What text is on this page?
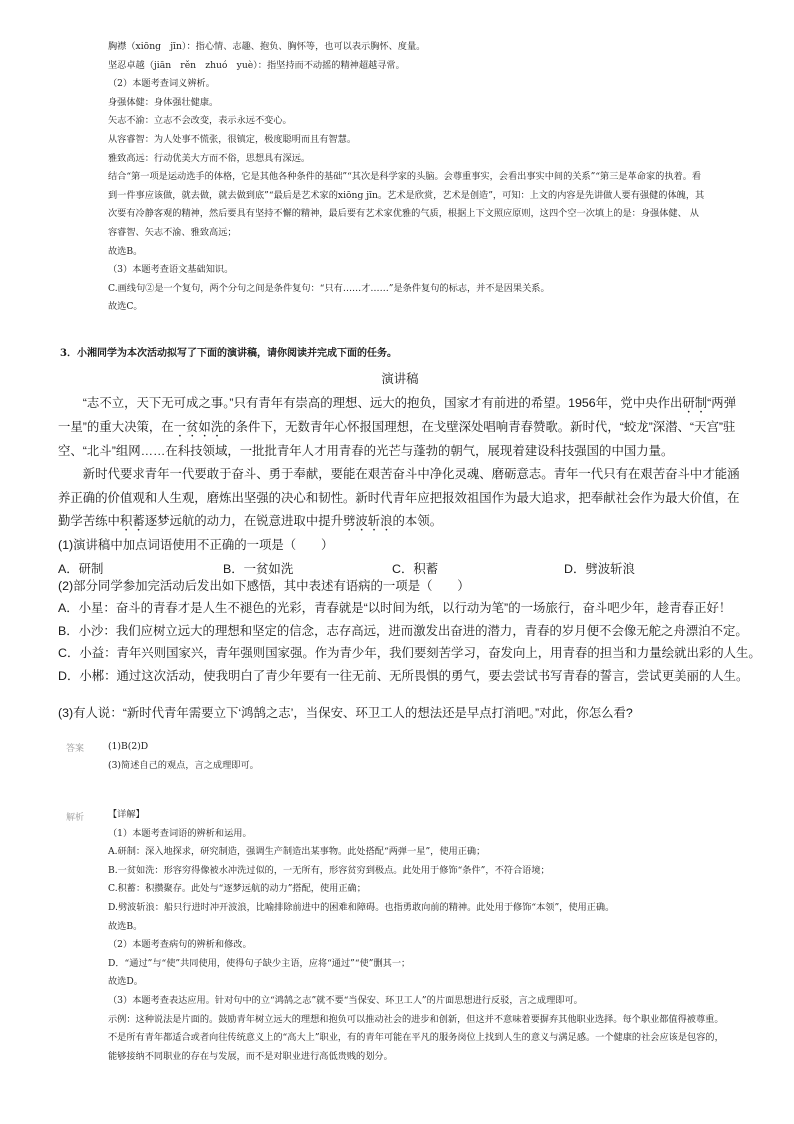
胸襟（xiōng　jīn）：指心情、志趣、抱负、胸怀等，也可以表示胸怀、度量。

坚忍卓越（jiān　rěn　zhuó　yuè）：指坚持而不动摇的精神超越寻常。

（2）本题考查词义辨析。

身强体健：身体强壮健康。

矢志不渝：立志不会改变，表示永远不变心。

从容睿智：为人处事不慌张，很镇定，极度聪明而且有智慧。

雅致高远：行动优美大方而不俗，思想具有深远。

结合“第一项是运动选手的体格，它是其他各种条件的基础”“其次是科学家的头脑。会尊重事实，会看出事实中间的关系”“第三是革命家的执着。看到一件事应该做，就去做，就去做到底”“最后是艺术家的xiōng jīn。艺术是欣赏，艺术是创造”，可知：上文的内容是先讲做人要有强健的体魄，其次要有冷静客观的精神，然后要具有坚持不懈的精神，最后要有艺术家优雅的气质，根据上下文照应原则，这四个空一次填上的是：身强体健、 从容睿智、矢志不渝、雅致高远；

故选B。

（3）本题考查语文基础知识。

C.画线句②是一个复句，两个分句之间是条件复句：“只有……才……”是条件复句的标志，并不是因果关系。

故选C。

3．小湘同学为本次活动拟写了下面的演讲稿，请你阅读并完成下面的任务。

演讲稿

“志不立，天下无可成之事。”只有青年有崇高的理想、远大的抱负，国家才有前进的希望。1956年，党中央作出研制“两弹一星”的重大决策，在一贫如洗的条件下，无数青年心怀报国理想，在戈壁深处唱响青春赞歌。新时代，“蛟龙”深潜、“天宫”驻空、“北斗”组网……在科技领域，一批批青年人才用青春的光芒与蓬勃的朝气，展现着建设科技强国的中国力量。

新时代要求青年一代要敢于奋斗、勇于奉献，要能在艰苦奋斗中净化灵魂、磨砺意志。青年一代只有在艰苦奋斗中才能涵养正确的价值观和人生观，磨炼出坚强的决心和韧性。新时代青年应把报效祖国作为最大追求，把奉献社会作为最大价值，在勤学苦练中积蓄逐梦远航的动力，在锐意进取中提升劈波斩浪的本领。

(1)演讲稿中加点词语使用不正确的一项是（　　）

A．研制	B．一贫如洗	C．积蓄	D．劈波斩浪

(2)部分同学参加完活动后发出如下感悟，其中表述有语病的一项是（　　）

A．小星：奋斗的青春才是人生不褪色的光彩，青春就是“以时间为纸，以行动为笔”的一场旅行，奋斗吧少年，趁青春正好！

B．小沙：我们应树立远大的理想和坚定的信念，志存高远，进而激发出奋进的潜力，青春的岁月便不会像无舵之舟漂泊不定。

C．小益：青年兴则国家兴，青年强则国家强。作为青少年，我们要刻苦学习，奋发向上，用青春的担当和力量绘就出彩的人生。

D．小郴：通过这次活动，使我明白了青少年要有一往无前、无所畏惧的勇气，要去尝试书写青春的誓言，尝试更美丽的人生。

(3)有人说：“新时代青年需要立下‘鸿鹄之志’，当保安、环卫工人的想法还是早点打消吧。”对此，你怎么看?
答案	(1)B(2)D

(3)简述自己的观点，言之成理即可。

解析	【详解】

（1）本题考查词语的辨析和运用。

A.研制：深入地探求，研究制造，强调生产制造出某事物。此处搭配“两弹一星”，使用正确；

B.一贫如洗：形容穷得像被水冲洗过似的，一无所有，形容贫穷到极点。此处用于修饰“条件”，不符合语境；

C.积蓄：积攒聚存。此处与“逐梦远航的动力”搭配，使用正确；

D.劈波斩浪：船只行进时冲开波浪，比喻排除前进中的困难和障碍。也指勇敢向前的精神。此处用于修饰“本领”，使用正确。

故选B。

（2）本题考查病句的辨析和修改。

D．“通过”与“使”共同使用，使得句子缺少主语，应将“通过”“使”删其一；

故选D。

（3）本题考查表达应用。针对句中的立“鸿鹄之志”就不要“当保安、环卫工人”的片面思想进行反驳，言之成理即可。

示例：这种说法是片面的。鼓励青年树立远大的理想和抱负可以推动社会的进步和创新，但这并不意味着要摒弃其他职业选择。每个职业都值得被尊重。不是所有青年都适合或者向往传统意义上的“高大上”职业，有的青年可能在平凡的服务岗位上找到人生的意义与满足感。一个健康的社会应该是包容的，能够接纳不同职业的存在与发展，而不是对职业进行高低贵贱的划分。
